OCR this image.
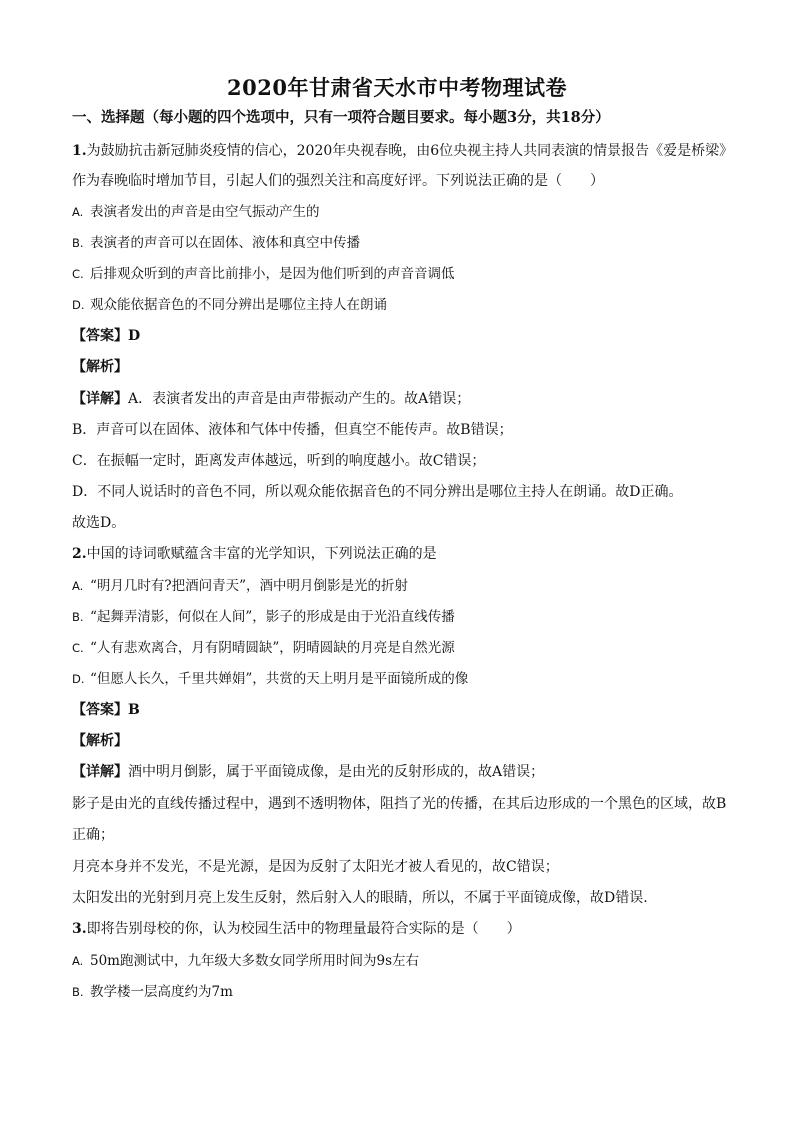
2020年甘肃省天水市中考物理试卷
一、选择题（每小题的四个选项中，只有一项符合题目要求。每小题3分，共18分）
1.为鼓励抗击新冠肺炎疫情的信心，2020年央视春晚，由6位央视主持人共同表演的情景报告《爱是桥梁》
作为春晚临时增加节目，引起人们的强烈关注和高度好评。下列说法正确的是（　　）
A. 表演者发出的声音是由空气振动产生的
B. 表演者的声音可以在固体、液体和真空中传播
C. 后排观众听到的声音比前排小，是因为他们听到的声音音调低
D. 观众能依据音色的不同分辨出是哪位主持人在朗诵
【答案】D
【解析】
【详解】A．表演者发出的声音是由声带振动产生的。故A错误；
B．声音可以在固体、液体和气体中传播，但真空不能传声。故B错误；
C．在振幅一定时，距离发声体越远，听到的响度越小。故C错误；
D．不同人说话时的音色不同，所以观众能依据音色的不同分辨出是哪位主持人在朗诵。故D正确。
故选D。
2.中国的诗词歌赋蕴含丰富的光学知识，下列说法正确的是
A. “明月几时有?把酒问青天”，酒中明月倒影是光的折射
B. “起舞弄清影，何似在人间”，影子的形成是由于光沿直线传播
C. “人有悲欢离合，月有阴晴圆缺”，阴晴圆缺的月亮是自然光源
D. “但愿人长久，千里共婵娟”，共赏的天上明月是平面镜所成的像
【答案】B
【解析】
【详解】酒中明月倒影，属于平面镜成像，是由光的反射形成的，故A错误；
影子是由光的直线传播过程中，遇到不透明物体，阻挡了光的传播，在其后边形成的一个黑色的区域，故B
正确；
月亮本身并不发光，不是光源，是因为反射了太阳光才被人看见的，故C错误；
太阳发出的光射到月亮上发生反射，然后射入人的眼睛，所以，不属于平面镜成像，故D错误.
3.即将告别母校的你，认为校园生活中的物理量最符合实际的是（　　）
A. 50m跑测试中，九年级大多数女同学所用时间为9s左右
B. 教学楼一层高度约为7m
